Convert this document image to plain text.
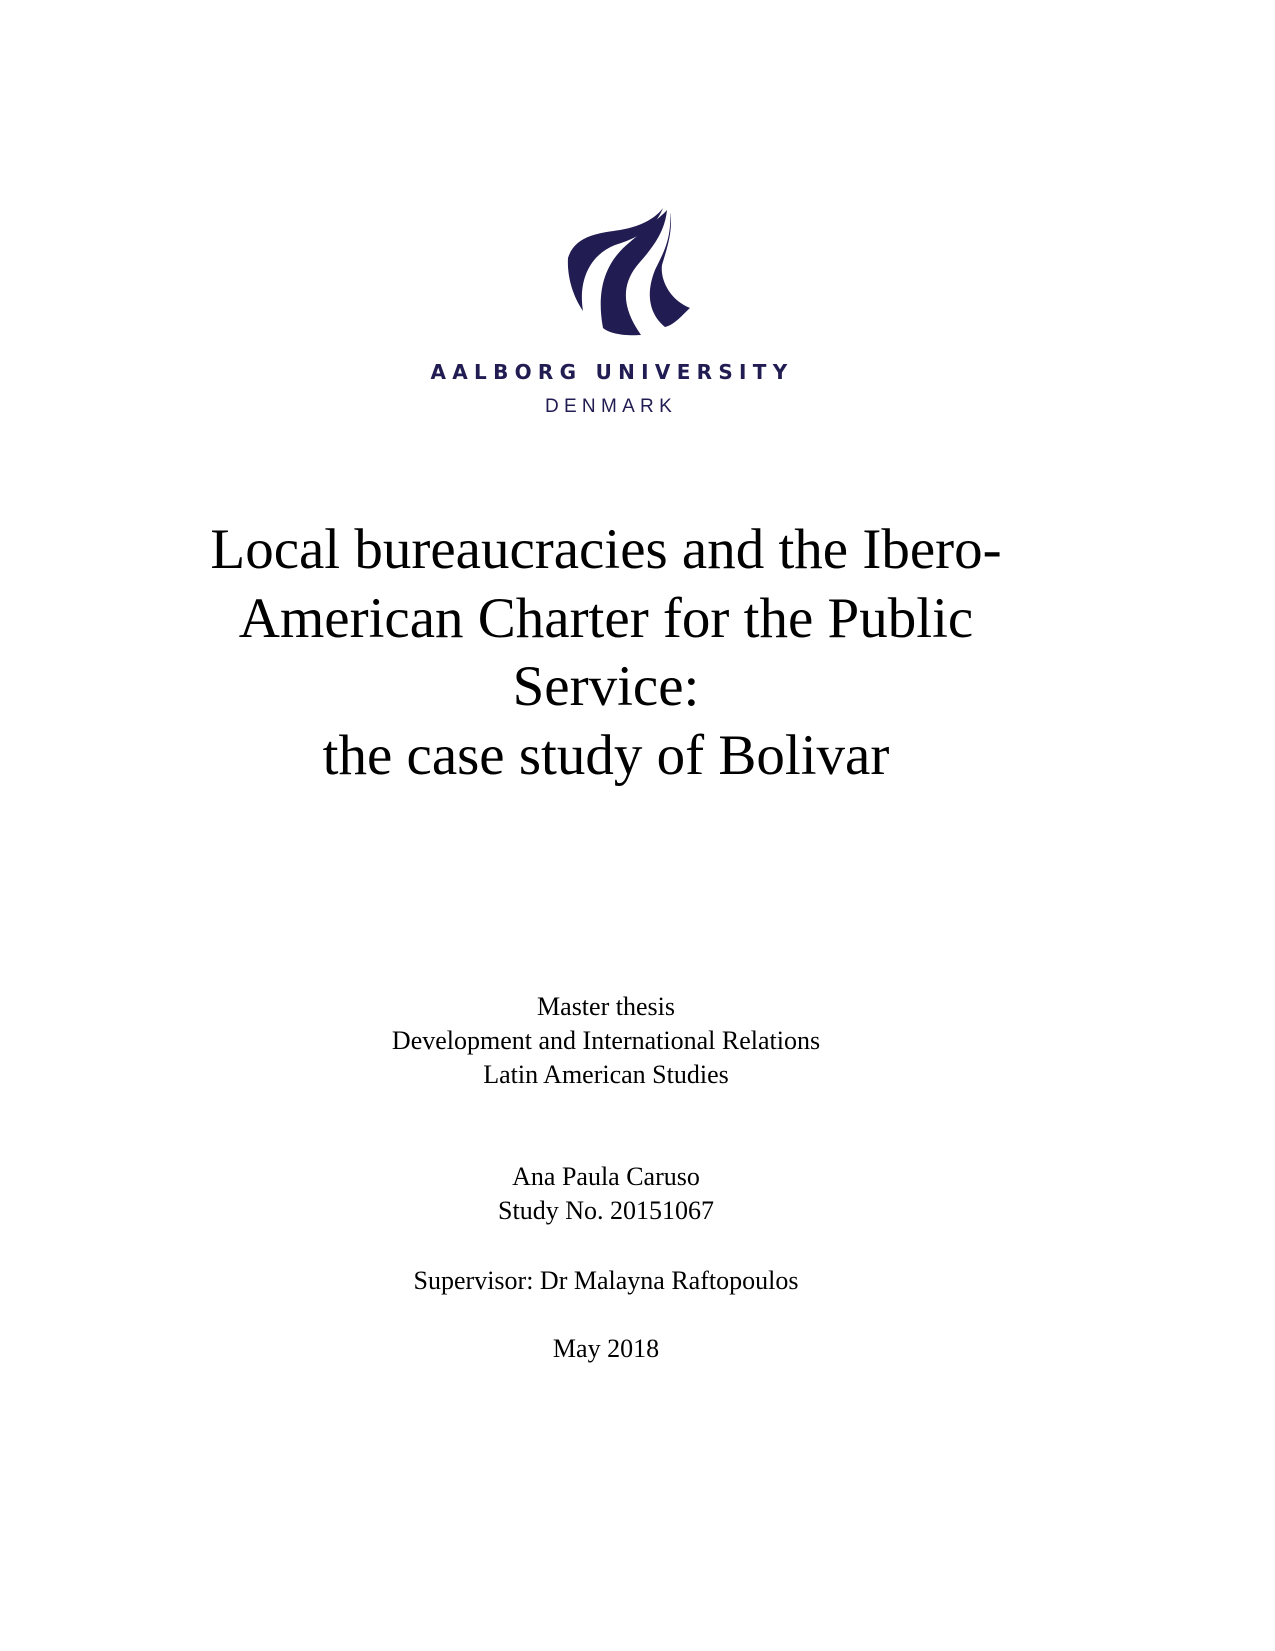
AALBORG UNIVERSITY
DENMARK
Local bureaucracies and the Ibero-
American Charter for the Public
Service:
the case study of Bolivar
Master thesis
Development and International Relations
Latin American Studies
Ana Paula Caruso
Study No. 20151067
Supervisor: Dr Malayna Raftopoulos
May 2018
